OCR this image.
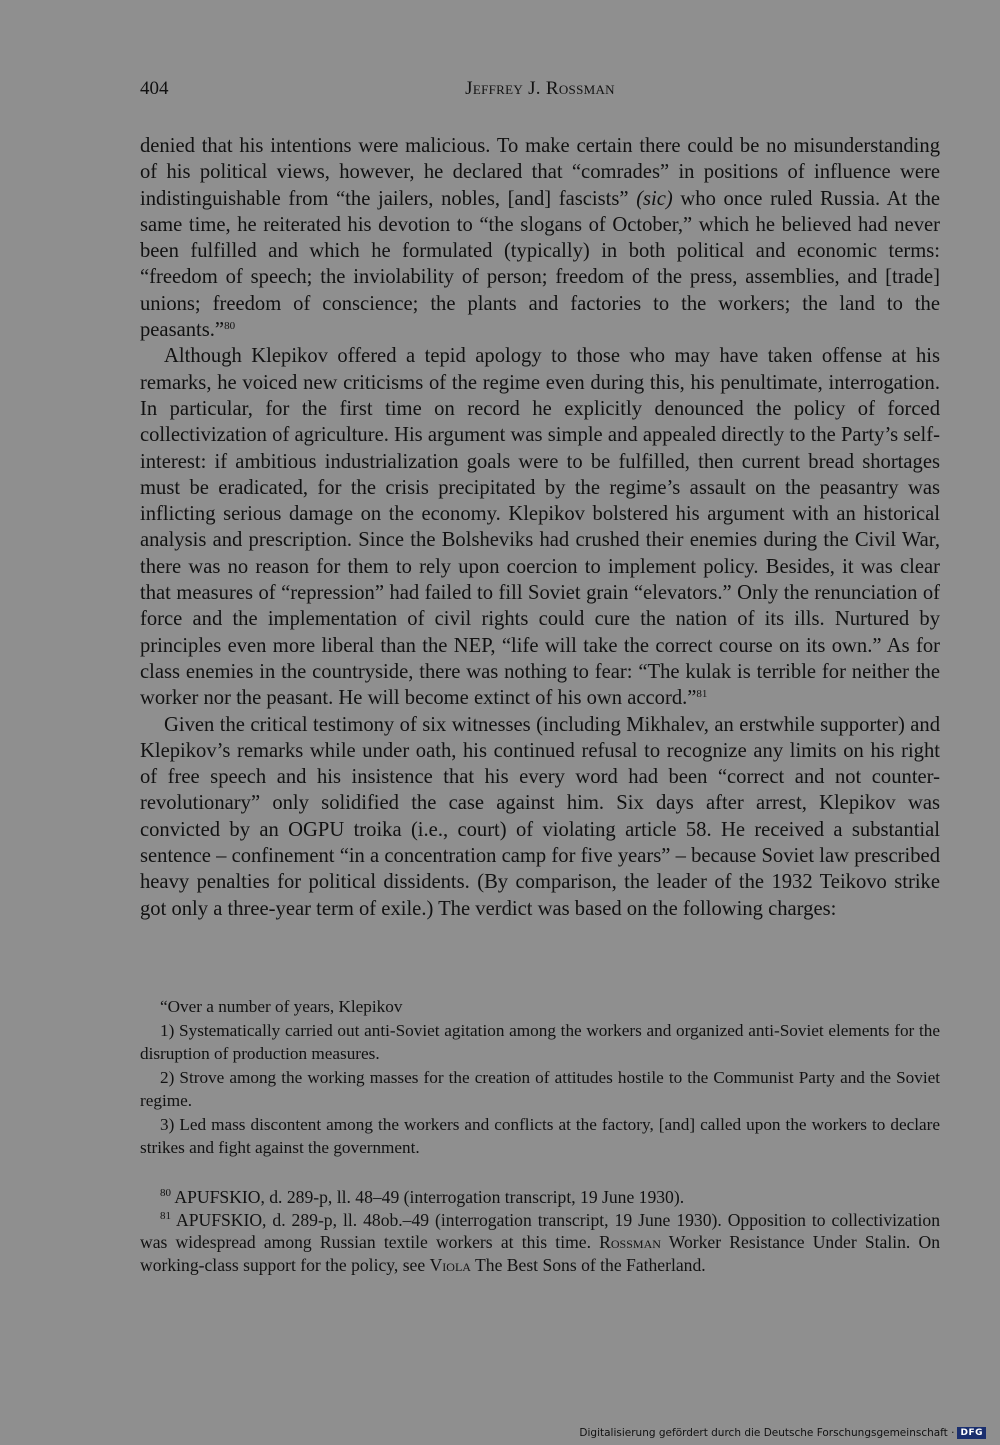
404	Jeffrey J. Rossman

denied that his intentions were malicious. To make certain there could be no misunderstanding of his political views, however, he declared that “comrades” in positions of influence were indistinguishable from “the jailers, nobles, [and] fascists” (sic) who once ruled Russia. At the same time, he reiterated his devotion to “the slogans of October,” which he believed had never been fulfilled and which he formulated (typically) in both political and economic terms: “freedom of speech; the inviolability of person; freedom of the press, assemblies, and [trade] unions; freedom of conscience; the plants and factories to the workers; the land to the peasants.”$^{80}$

Although Klepikov offered a tepid apology to those who may have taken offense at his remarks, he voiced new criticisms of the regime even during this, his penultimate, interrogation. In particular, for the first time on record he explicitly denounced the policy of forced collectivization of agriculture. His argument was simple and appealed directly to the Party’s self-interest: if ambitious industrialization goals were to be fulfilled, then current bread shortages must be eradicated, for the crisis precipitated by the regime’s assault on the peasantry was inflicting serious damage on the economy. Klepikov bolstered his argument with an historical analysis and prescription. Since the Bolsheviks had crushed their enemies during the Civil War, there was no reason for them to rely upon coercion to implement policy. Besides, it was clear that measures of “repression” had failed to fill Soviet grain “elevators.” Only the renunciation of force and the implementation of civil rights could cure the nation of its ills. Nurtured by principles even more liberal than the NEP, “life will take the correct course on its own.” As for class enemies in the countryside, there was nothing to fear: “The kulak is terrible for neither the worker nor the peasant. He will become extinct of his own accord.”$^{81}$

Given the critical testimony of six witnesses (including Mikhalev, an erstwhile supporter) and Klepikov’s remarks while under oath, his continued refusal to recognize any limits on his right of free speech and his insistence that his every word had been “correct and not counter-revolutionary” only solidified the case against him. Six days after arrest, Klepikov was convicted by an OGPU troika (i.e., court) of violating article 58. He received a substantial sentence – confinement “in a concentration camp for five years” – because Soviet law prescribed heavy penalties for political dissidents. (By comparison, the leader of the 1932 Teikovo strike got only a three-year term of exile.) The verdict was based on the following charges:

“Over a number of years, Klepikov

1) Systematically carried out anti-Soviet agitation among the workers and organized anti-Soviet elements for the disruption of production measures.

2) Strove among the working masses for the creation of attitudes hostile to the Communist Party and the Soviet regime.

3) Led mass discontent among the workers and conflicts at the factory, [and] called upon the workers to declare strikes and fight against the government.

$^{80}$ APUFSKIO, d. 289-p, ll. 48–49 (interrogation transcript, 19 June 1930).

$^{81}$ APUFSKIO, d. 289-p, ll. 48ob.–49 (interrogation transcript, 19 June 1930). Opposition to collectivization was widespread among Russian textile workers at this time. Rossman Worker Resistance Under Stalin. On working-class support for the policy, see Viola The Best Sons of the Fatherland.

Digitalisierung gefördert durch die Deutsche Forschungsgemeinschaft · DFG
